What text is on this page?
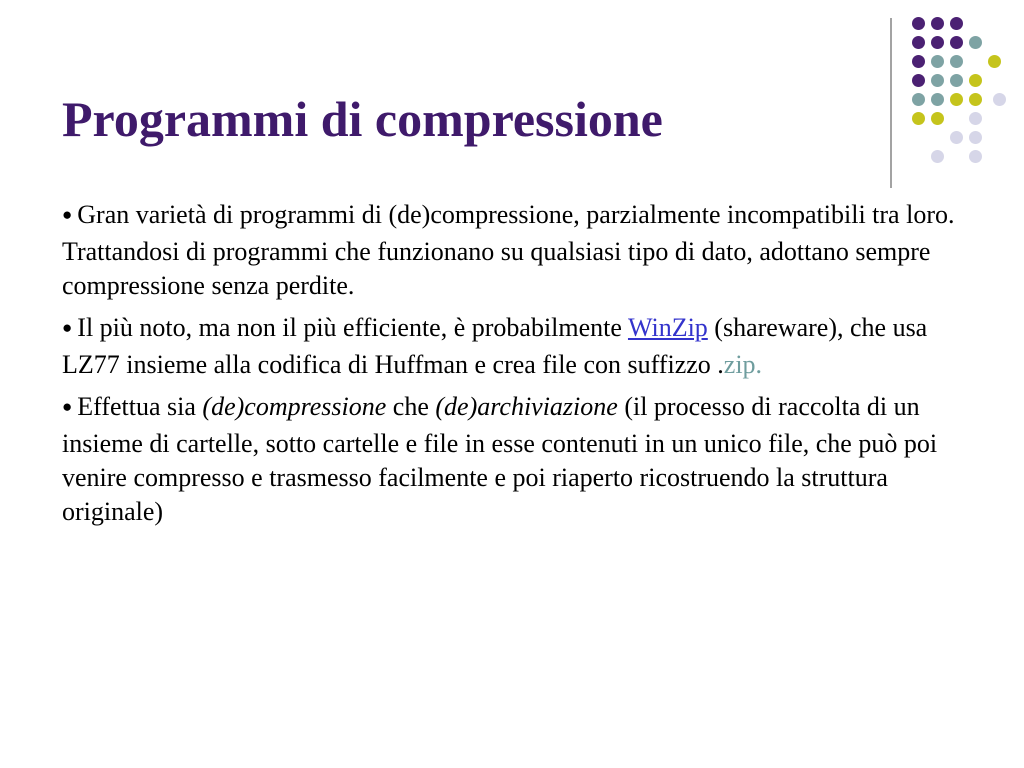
Programmi di compressione

● Gran varietà di programmi di (de)compressione, parzialmente incompatibili tra loro. Trattandosi di programmi che funzionano su qualsiasi tipo di dato, adottano sempre compressione senza perdite.

● Il più noto, ma non il più efficiente, è probabilmente WinZip (shareware), che usa LZ77 insieme alla codifica di Huffman e crea file con suffizzo .zip.

● Effettua sia (de)compressione che (de)archiviazione (il processo di raccolta di un insieme di cartelle, sotto cartelle e file in esse contenuti in un unico file, che può poi venire compresso e trasmesso facilmente e poi riaperto ricostruendo la struttura originale)
